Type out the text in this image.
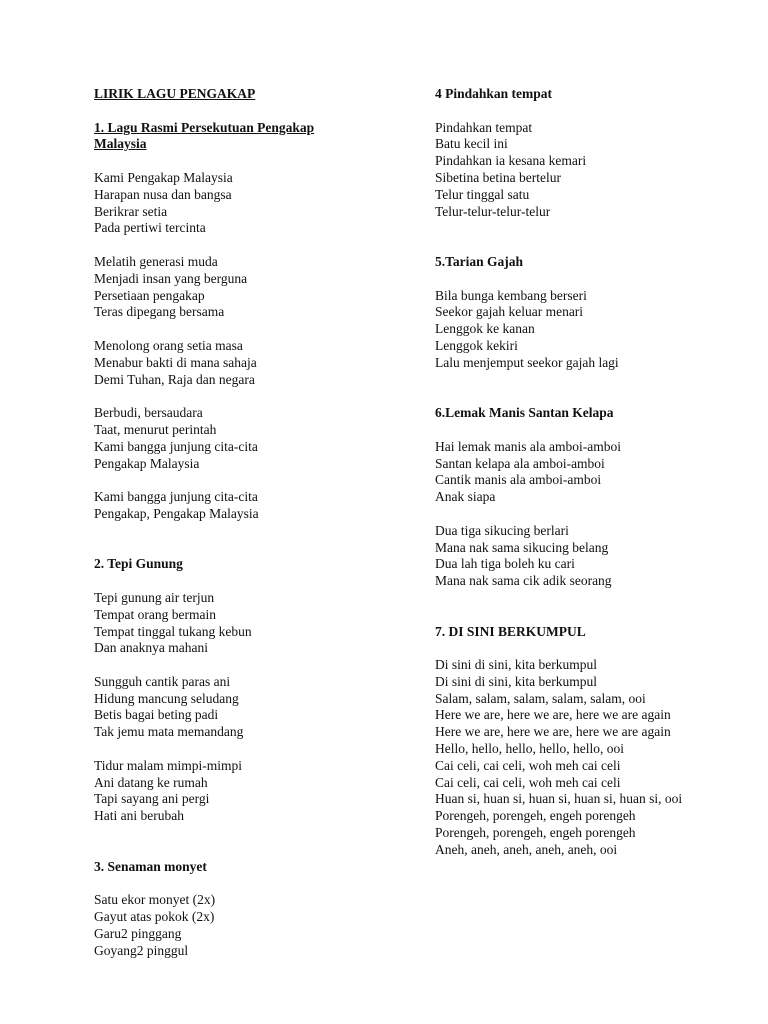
LIRIK LAGU PENGAKAP
1. Lagu Rasmi Persekutuan Pengakap
Malaysia
Kami Pengakap Malaysia
Harapan nusa dan bangsa
Berikrar setia
Pada pertiwi tercinta
Melatih generasi muda
Menjadi insan yang berguna
Persetiaan pengakap
Teras dipegang bersama
Menolong orang setia masa
Menabur bakti di mana sahaja
Demi Tuhan, Raja dan negara
Berbudi, bersaudara
Taat, menurut perintah
Kami bangga junjung cita-cita
Pengakap Malaysia
Kami bangga junjung cita-cita
Pengakap, Pengakap Malaysia
2. Tepi Gunung
Tepi gunung air terjun
Tempat orang bermain
Tempat tinggal tukang kebun
Dan anaknya mahani
Sungguh cantik paras ani
Hidung mancung seludang
Betis bagai beting padi
Tak jemu mata memandang
Tidur malam mimpi-mimpi
Ani datang ke rumah
Tapi sayang ani pergi
Hati ani berubah
3. Senaman monyet
Satu ekor monyet (2x)
Gayut atas pokok (2x)
Garu2 pinggang
Goyang2 pinggul
4 Pindahkan tempat
Pindahkan tempat
Batu kecil ini
Pindahkan ia kesana kemari
Sibetina betina bertelur
Telur tinggal satu
Telur-telur-telur-telur
5.Tarian Gajah
Bila bunga kembang berseri
Seekor gajah keluar menari
Lenggok ke kanan
Lenggok kekiri
Lalu menjemput seekor gajah lagi
6.Lemak Manis Santan Kelapa
Hai lemak manis ala amboi-amboi
Santan kelapa ala amboi-amboi
Cantik manis ala amboi-amboi
Anak siapa
Dua tiga sikucing berlari
Mana nak sama sikucing belang
Dua lah tiga boleh ku cari
Mana nak sama cik adik seorang
7. DI SINI BERKUMPUL
Di sini di sini, kita berkumpul
Di sini di sini, kita berkumpul
Salam, salam, salam, salam, salam, ooi
Here we are, here we are, here we are again
Here we are, here we are, here we are again
Hello, hello, hello, hello, hello, ooi
Cai celi, cai celi, woh meh cai celi
Cai celi, cai celi, woh meh cai celi
Huan si, huan si, huan si, huan si, huan si, ooi
Porengeh, porengeh, engeh porengeh
Porengeh, porengeh, engeh porengeh
Aneh, aneh, aneh, aneh, aneh, ooi
